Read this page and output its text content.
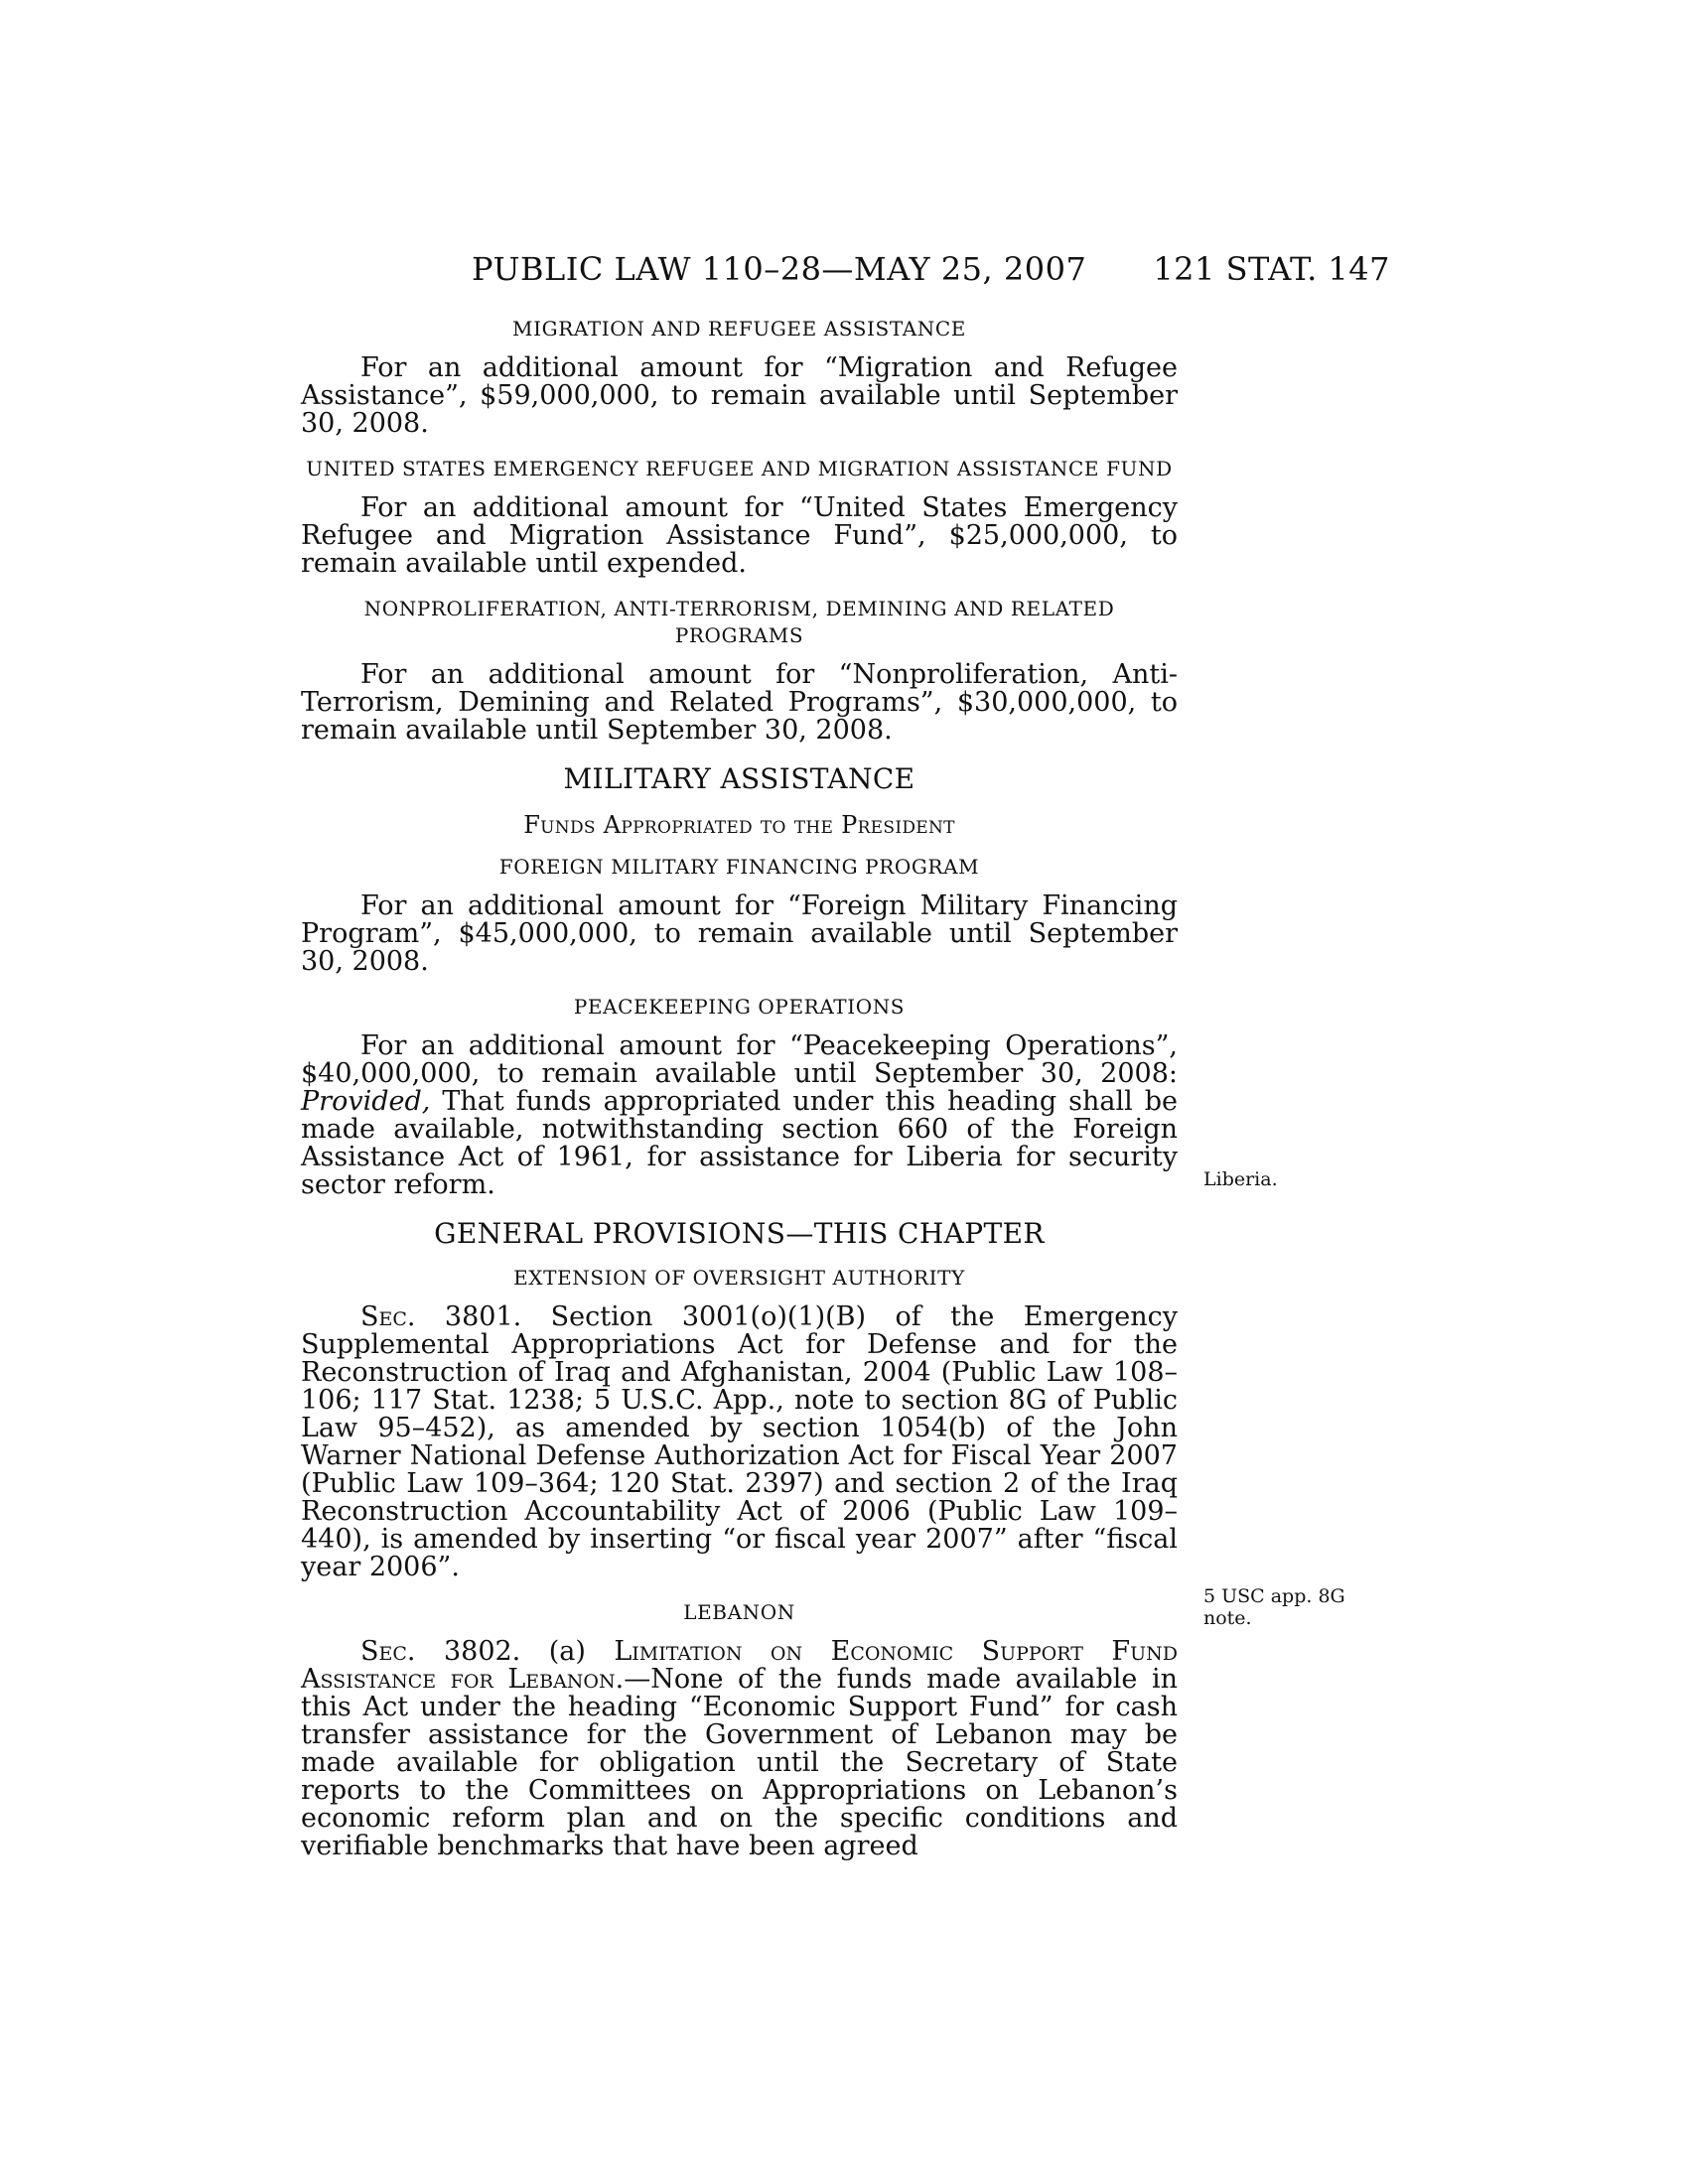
PUBLIC LAW 110–28—MAY 25, 2007 121 STAT. 147
MIGRATION AND REFUGEE ASSISTANCE

For an additional amount for “Migration and Refugee Assistance”, $59,000,000, to remain available until September 30, 2008.

UNITED STATES EMERGENCY REFUGEE AND MIGRATION ASSISTANCE FUND

For an additional amount for “United States Emergency Refugee and Migration Assistance Fund”, $25,000,000, to remain available until expended.

NONPROLIFERATION, ANTI-TERRORISM, DEMINING AND RELATED PROGRAMS

For an additional amount for “Nonproliferation, Anti-Terrorism, Demining and Related Programs”, $30,000,000, to remain available until September 30, 2008.

MILITARY ASSISTANCE
Funds Appropriated to the President
FOREIGN MILITARY FINANCING PROGRAM

For an additional amount for “Foreign Military Financing Program”, $45,000,000, to remain available until September 30, 2008.

PEACEKEEPING OPERATIONS

For an additional amount for “Peacekeeping Operations”, $40,000,000, to remain available until September 30, 2008: Provided, That funds appropriated under this heading shall be made available, notwithstanding section 660 of the Foreign Assistance Act of 1961, for assistance for Liberia for security sector reform.

GENERAL PROVISIONS—THIS CHAPTER
EXTENSION OF OVERSIGHT AUTHORITY

Sec. 3801. Section 3001(o)(1)(B) of the Emergency Supplemental Appropriations Act for Defense and for the Reconstruction of Iraq and Afghanistan, 2004 (Public Law 108–106; 117 Stat. 1238; 5 U.S.C. App., note to section 8G of Public Law 95–452), as amended by section 1054(b) of the John Warner National Defense Authorization Act for Fiscal Year 2007 (Public Law 109–364; 120 Stat. 2397) and section 2 of the Iraq Reconstruction Accountability Act of 2006 (Public Law 109–440), is amended by inserting “or fiscal year 2007” after “fiscal year 2006”.

LEBANON

Sec. 3802. (a) Limitation on Economic Support Fund Assistance for Lebanon.—None of the funds made available in this Act under the heading “Economic Support Fund” for cash transfer assistance for the Government of Lebanon may be made available for obligation until the Secretary of State reports to the Committees on Appropriations on Lebanon’s economic reform plan and on the specific conditions and verifiable benchmarks that have been agreed

Liberia.
5 USC app. 8G note.
